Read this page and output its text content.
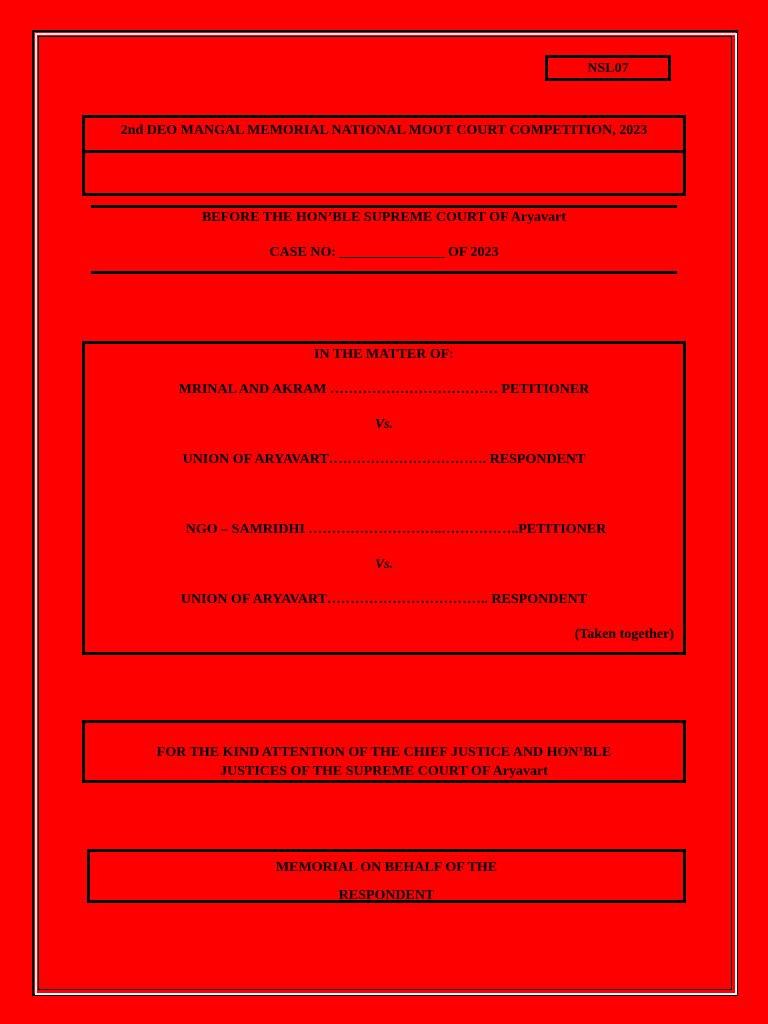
NSL07
2nd DEO MANGAL MEMORIAL NATIONAL MOOT COURT COMPETITION, 2023
BEFORE THE HON’BLE SUPREME COURT OF Aryavart
CASE NO: _______________ OF 2023
IN THE MATTER OF:
MRINAL AND AKRAM ……………………………… PETITIONER
Vs.
UNION OF ARYAVART……………………………. RESPONDENT
NGO – SAMRIDHI ………………………..……………..PETITIONER
Vs.
UNION OF ARYAVART…………………………….. RESPONDENT
(Taken together)
FOR THE KIND ATTENTION OF THE CHIEF JUSTICE AND HON’BLE
JUSTICES OF THE SUPREME COURT OF Aryavart
MEMORIAL ON BEHALF OF THE
RESPONDENT
